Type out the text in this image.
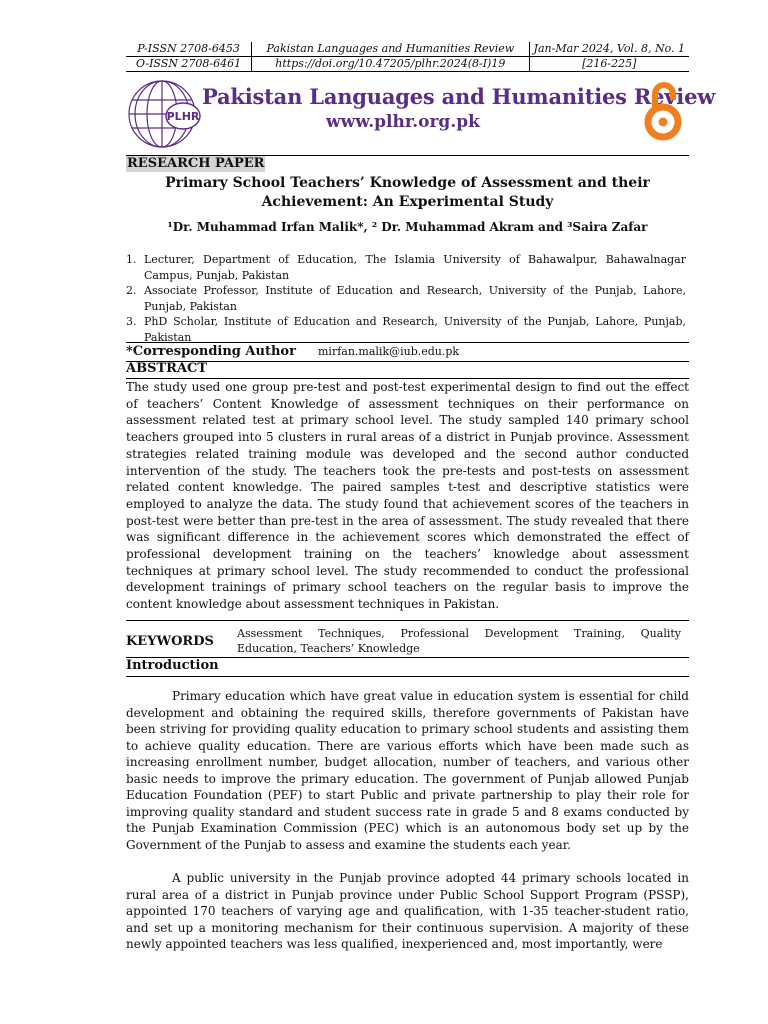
P-ISSN 2708-6453	Pakistan Languages and Humanities Review	Jan-Mar 2024, Vol. 8, No. 1
O-ISSN 2708-6461	https://doi.org/10.47205/plhr.2024(8-I)19	[216-225]
PLHR
Pakistan Languages and Humanities Review
www.plhr.org.pk
RESEARCH PAPER
Primary School Teachers’ Knowledge of Assessment and their
Achievement: An Experimental Study
¹Dr. Muhammad Irfan Malik*, ² Dr. Muhammad Akram and ³Saira Zafar
1. Lecturer, Department of Education, The Islamia University of Bahawalpur, Bahawalnagar Campus, Punjab, Pakistan
2. Associate Professor, Institute of Education and Research, University of the Punjab, Lahore, Punjab, Pakistan
3. PhD Scholar, Institute of Education and Research, University of the Punjab, Lahore, Punjab, Pakistan
*Corresponding Author mirfan.malik@iub.edu.pk
ABSTRACT

The study used one group pre-test and post-test experimental design to find out the effect of teachers’ Content Knowledge of assessment techniques on their performance on assessment related test at primary school level. The study sampled 140 primary school teachers grouped into 5 clusters in rural areas of a district in Punjab province. Assessment strategies related training module was developed and the second author conducted intervention of the study. The teachers took the pre-tests and post-tests on assessment related content knowledge. The paired samples t-test and descriptive statistics were employed to analyze the data. The study found that achievement scores of the teachers in post-test were better than pre-test in the area of assessment. The study revealed that there was significant difference in the achievement scores which demonstrated the effect of professional development training on the teachers’ knowledge about assessment techniques at primary school level. The study recommended to conduct the professional development trainings of primary school teachers on the regular basis to improve the content knowledge about assessment techniques in Pakistan.

KEYWORDS
Assessment Techniques, Professional Development Training, Quality Education, Teachers’ Knowledge
Introduction

Primary education which have great value in education system is essential for child development and obtaining the required skills, therefore governments of Pakistan have been striving for providing quality education to primary school students and assisting them to achieve quality education. There are various efforts which have been made such as increasing enrollment number, budget allocation, number of teachers, and various other basic needs to improve the primary education. The government of Punjab allowed Punjab Education Foundation (PEF) to start Public and private partnership to play their role for improving quality standard and student success rate in grade 5 and 8 exams conducted by the Punjab Examination Commission (PEC) which is an autonomous body set up by the Government of the Punjab to assess and examine the students each year.

A public university in the Punjab province adopted 44 primary schools located in rural area of a district in Punjab province under Public School Support Program (PSSP), appointed 170 teachers of varying age and qualification, with 1-35 teacher-student ratio, and set up a monitoring mechanism for their continuous supervision. A majority of these newly appointed teachers was less qualified, inexperienced and, most importantly, were
